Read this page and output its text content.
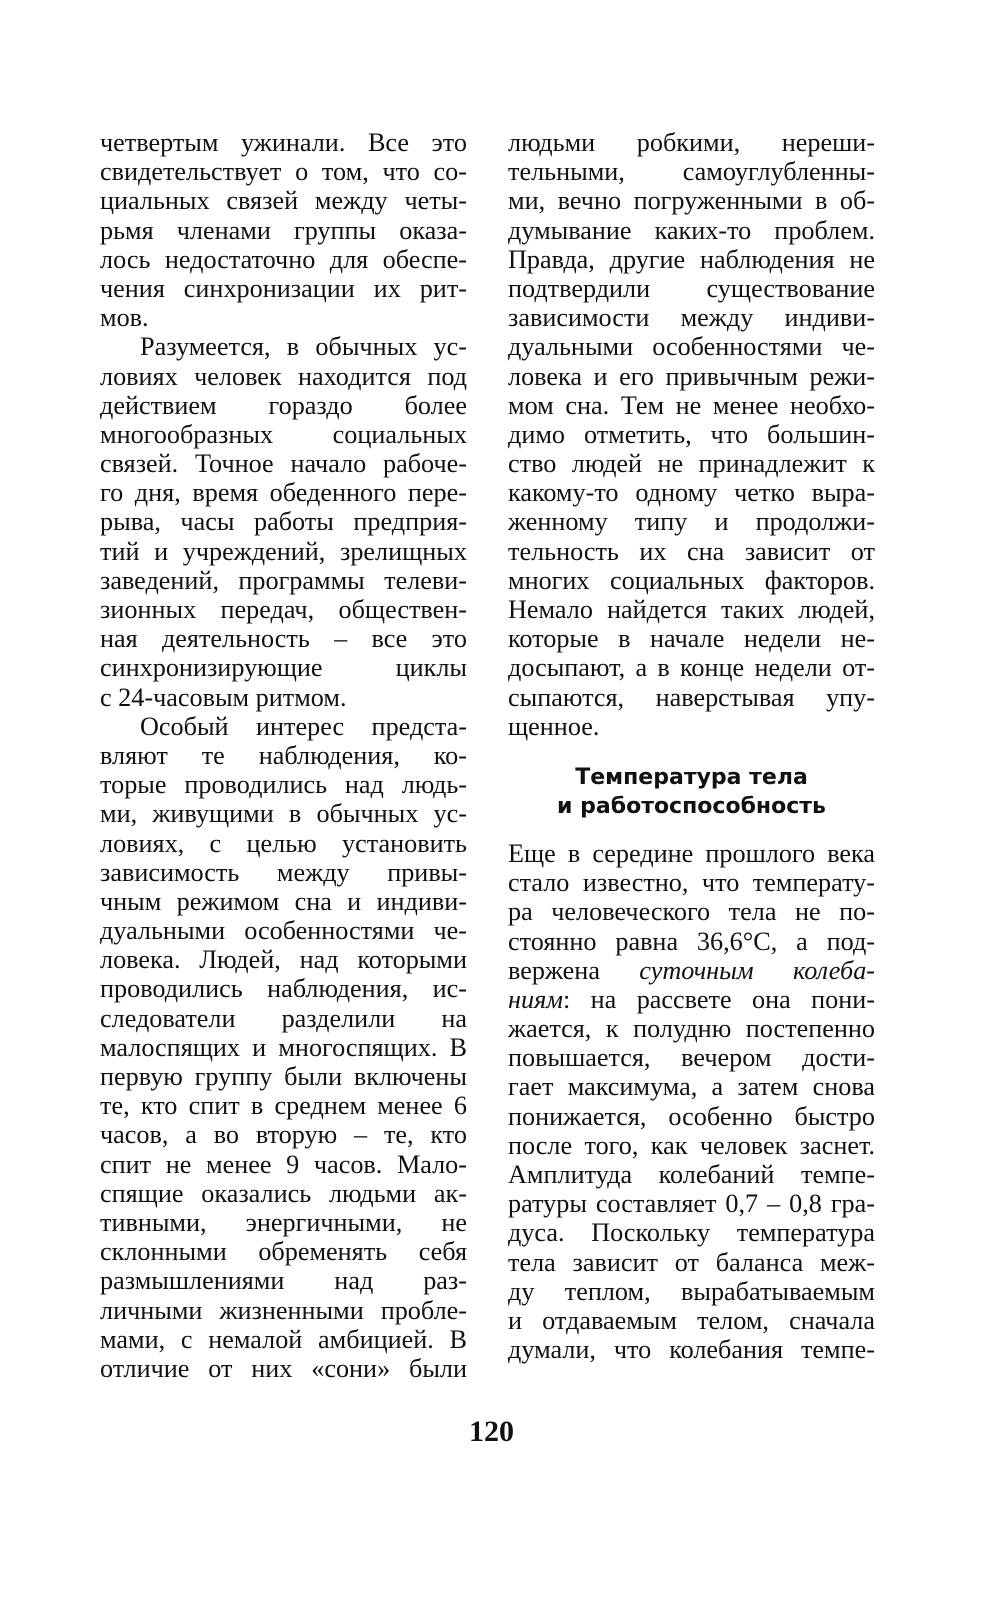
четвертым ужинали. Все это
свидетельствует о том, что со-
циальных связей между четы-
рьмя членами группы оказа-
лось недостаточно для обеспе-
чения синхронизации их рит-
мов.
Разумеется, в обычных ус-
ловиях человек находится под
действием гораздо более
многообразных социальных
связей. Точное начало рабоче-
го дня, время обеденного пере-
рыва, часы работы предприя-
тий и учреждений, зрелищных
заведений, программы телеви-
зионных передач, обществен-
ная деятельность – все это
синхронизирующие циклы
с 24-часовым ритмом.
Особый интерес предста-
вляют те наблюдения, ко-
торые проводились над людь-
ми, живущими в обычных ус-
ловиях, с целью установить
зависимость между привы-
чным режимом сна и индиви-
дуальными особенностями че-
ловека. Людей, над которыми
проводились наблюдения, ис-
следователи разделили на
малоспящих и многоспящих. В
первую группу были включены
те, кто спит в среднем менее 6
часов, а во вторую – те, кто
спит не менее 9 часов. Мало-
спящие оказались людьми ак-
тивными, энергичными, не
склонными обременять себя
размышлениями над раз-
личными жизненными пробле-
мами, с немалой амбицией. В
отличие от них «сони» были
людьми робкими, нереши-
тельными, самоуглубленны-
ми, вечно погруженными в об-
думывание каких-то проблем.
Правда, другие наблюдения не
подтвердили существование
зависимости между индиви-
дуальными особенностями че-
ловека и его привычным режи-
мом сна. Тем не менее необхо-
димо отметить, что большин-
ство людей не принадлежит к
какому-то одному четко выра-
женному типу и продолжи-
тельность их сна зависит от
многих социальных факторов.
Немало найдется таких людей,
которые в начале недели не-
досыпают, а в конце недели от-
сыпаются, наверстывая упу-
щенное.

Температура тела

и работоспособность

Еще в середине прошлого века
стало известно, что температу-
ра человеческого тела не по-
стоянно равна 36,6°С, а под-
вержена суточным колеба-
ниям: на рассвете она пони-
жается, к полудню постепенно
повышается, вечером дости-
гает максимума, а затем снова
понижается, особенно быстро
после того, как человек заснет.
Амплитуда колебаний темпе-
ратуры составляет 0,7 – 0,8 гра-
дуса. Поскольку температура
тела зависит от баланса меж-
ду теплом, вырабатываемым
и отдаваемым телом, сначала
думали, что колебания темпе-
120
